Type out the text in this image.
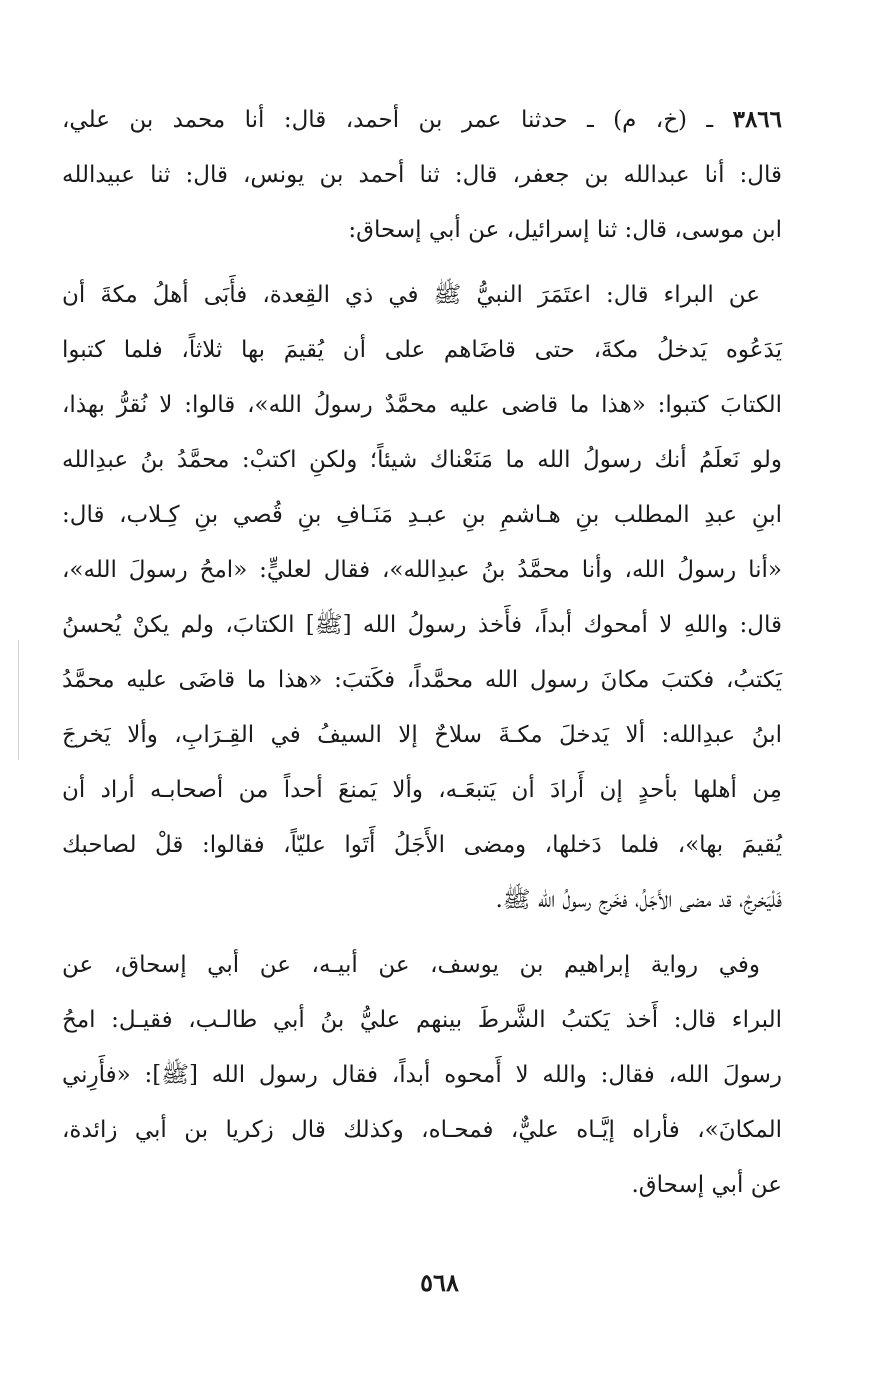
٣٨٦٦ ـ (خ، م) ـ حدثنا عمر بن أحمد، قال: أنا محمد بن علي،
قال: أنا عبدالله بن جعفر، قال: ثنا أحمد بن يونس، قال: ثنا عبيدالله
ابن موسى، قال: ثنا إسرائيل، عن أبي إسحاق:

عن البراء قال: اعتَمَرَ النبيُّ ﷺ في ذي القِعدة، فأَبَى أهلُ مكةَ أن
يَدَعُوه يَدخلُ مكةَ، حتى قاضَاهم على أن يُقيمَ بها ثلاثاً، فلما كتبوا
الكتابَ كتبوا: «هذا ما قاضى عليه محمَّدٌ رسولُ الله»، قالوا: لا نُقرُّ بهذا،
ولو نَعلَمُ أنك رسولُ الله ما مَنَعْناك شيئاً؛ ولكنِ اكتبْ: محمَّدُ بنُ عبدِالله
ابنِ عبدِ المطلب بنِ هـاشمِ بنِ عبـدِ مَنَـافِ بنِ قُصي بنِ كِـلاب، قال:
«أنا رسولُ الله، وأنا محمَّدُ بنُ عبدِالله»، فقال لعليٍّ: «امحُ رسولَ الله»،
قال: واللهِ لا أمحوك أبداً، فأَخذ رسولُ الله [ﷺ] الكتابَ، ولم يكنْ يُحسنُ
يَكتبُ، فكتبَ مكانَ رسول الله محمَّداً، فكَتبَ: «هذا ما قاضَى عليه محمَّدُ
ابنُ عبدِالله: ألا يَدخلَ مكـةَ سلاحٌ إلا السيفُ في القِـرَابِ، وألا يَخرجَ
مِن أهلها بأحدٍ إن أَرادَ أن يَتبعَـه، وألا يَمنعَ أحداً من أصحابـه أراد أن
يُقيمَ بها»، فلما دَخلها، ومضى الأَجَلُ أَتَوا عليّاً، فقالوا: قلْ لصاحبك
فَلْيَخرجْ، قد مضى الأَجَلُ، فخَرج رسولُ الله ﷺ.

وفي رواية إبراهيم بن يوسف، عن أبيـه، عن أبي إسحاق، عن
البراء قال: أَخذ يَكتبُ الشَّرطَ بينهم عليُّ بنُ أبي طالـب، فقيـل: امحُ
رسولَ الله، فقال: والله لا أَمحوه أبداً، فقال رسول الله [ﷺ]: «فأَرِني
المكانَ»، فأراه إيَّـاه عليٌّ، فمحـاه، وكذلك قال زكريا بن أبي زائدة،
عن أبي إسحاق.

٥٦٨
